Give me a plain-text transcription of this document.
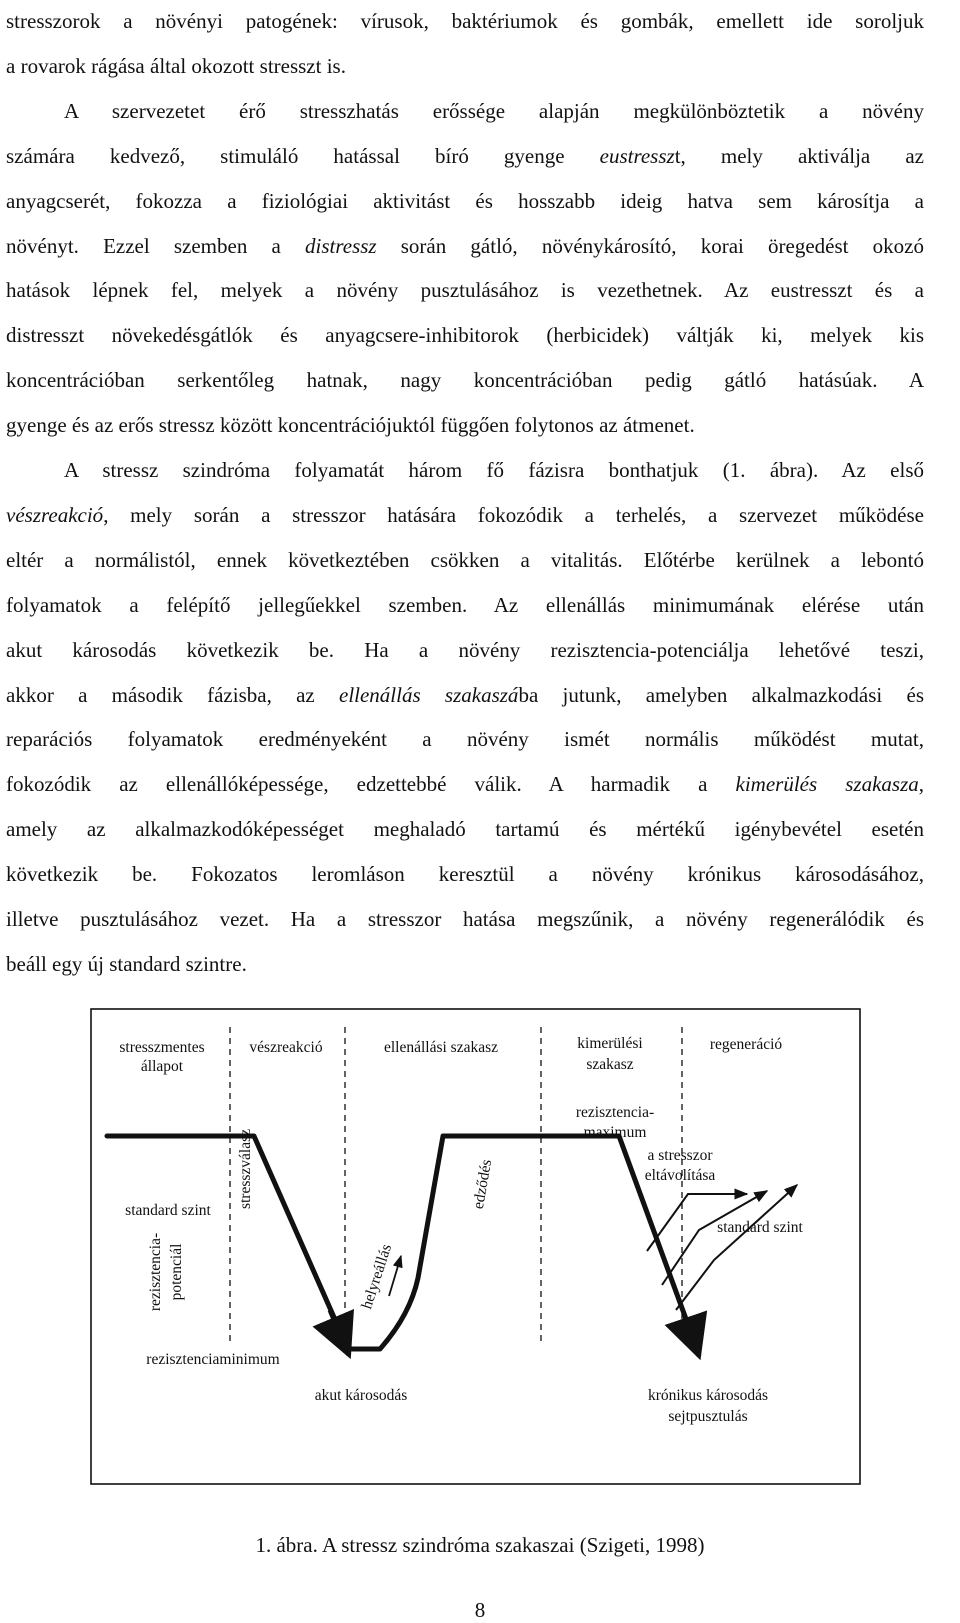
stresszorok a növényi patogének: vírusok, baktériumok és gombák, emellett ide soroljuk
a rovarok rágása által okozott stresszt is.
A szervezetet érő stresszhatás erőssége alapján megkülönböztetik a növény
számára kedvező, stimuláló hatással bíró gyenge eustresszt, mely aktiválja az
anyagcserét, fokozza a fiziológiai aktivitást és hosszabb ideig hatva sem károsítja a
növényt. Ezzel szemben a distressz során gátló, növénykárosító, korai öregedést okozó
hatások lépnek fel, melyek a növény pusztulásához is vezethetnek. Az eustresszt és a
distresszt növekedésgátlók és anyagcsere-inhibitorok (herbicidek) váltják ki, melyek kis
koncentrációban serkentőleg hatnak, nagy koncentrációban pedig gátló hatásúak. A
gyenge és az erős stressz között koncentrációjuktól függően folytonos az átmenet.
A stressz szindróma folyamatát három fő fázisra bonthatjuk (1. ábra). Az első
vészreakció, mely során a stresszor hatására fokozódik a terhelés, a szervezet működése
eltér a normálistól, ennek következtében csökken a vitalitás. Előtérbe kerülnek a lebontó
folyamatok a felépítő jellegűekkel szemben. Az ellenállás minimumának elérése után
akut károsodás következik be. Ha a növény rezisztencia-potenciálja lehetővé teszi,
akkor a második fázisba, az ellenállás szakaszába jutunk, amelyben alkalmazkodási és
reparációs folyamatok eredményeként a növény ismét normális működést mutat,
fokozódik az ellenállóképessége, edzettebbé válik. A harmadik a kimerülés szakasza,
amely az alkalmazkodóképességet meghaladó tartamú és mértékű igénybevétel esetén
következik be. Fokozatos leromláson keresztül a növény krónikus károsodásához,
illetve pusztulásához vezet. Ha a stresszor hatása megszűnik, a növény regenerálódik és
beáll egy új standard szintre.
stresszmentes
állapot
vészreakció	ellenállási szakasz	kimerülési
szakasz
regeneráció
standard szint
standard szint
stresszválasz
rezisztencia- potenciál
rezisztenciaminimum
akut károsodás
helyreállás
edződés
rezisztencia-
maximum
a stresszor
eltávolítása
krónikus károsodás
sejtpusztulás
1. ábra. A stressz szindróma szakaszai (Szigeti, 1998)
8
